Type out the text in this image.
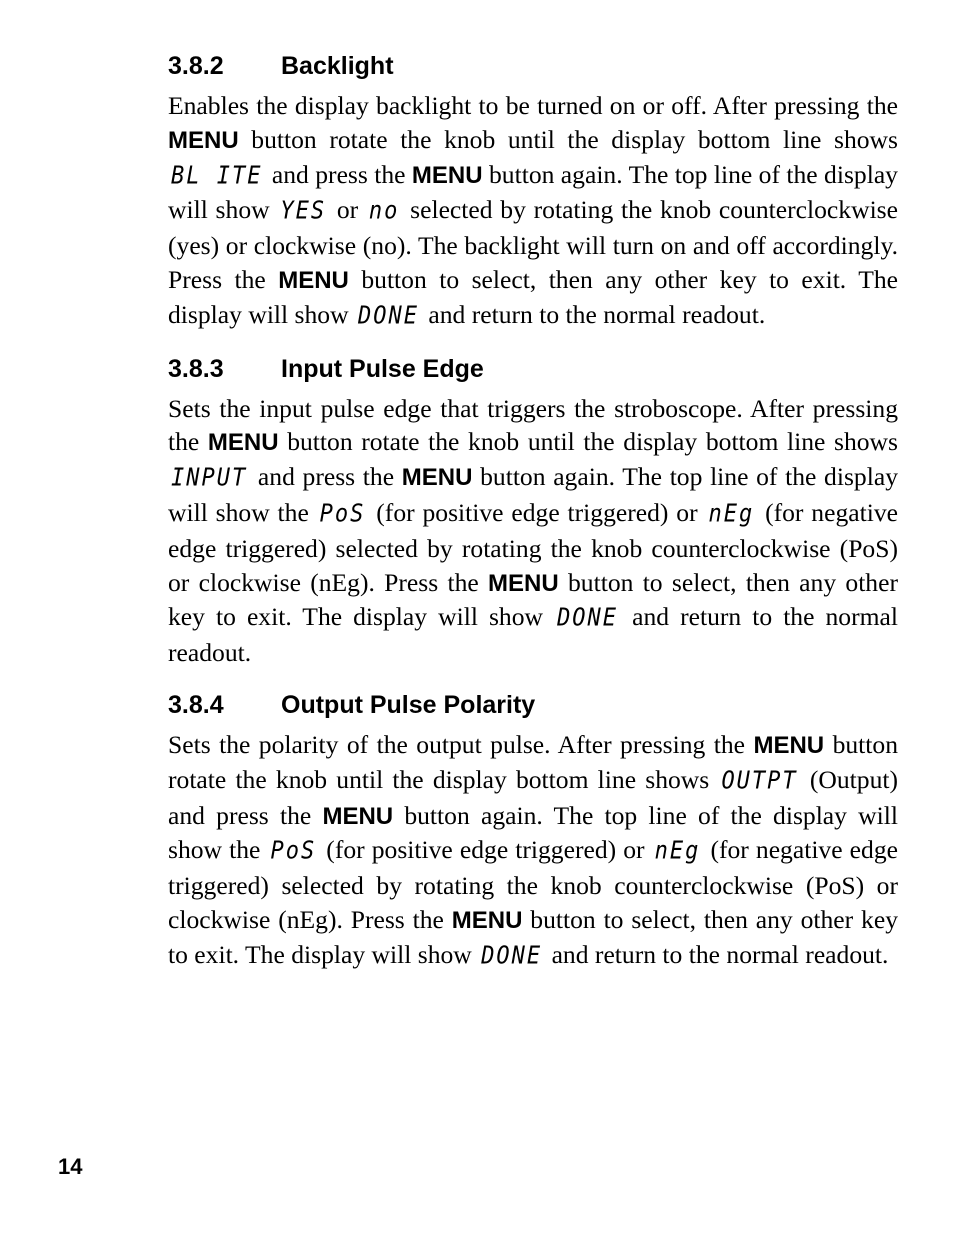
3.8.2	Backlight

Enables the display backlight to be turned on or off. After pressing the MENU button rotate the knob until the display bottom line shows BL ITE and press the MENU button again. The top line of the display will show YES or no selected by rotating the knob counterclockwise (yes) or clockwise (no). The backlight will turn on and off accordingly. Press the MENU button to select, then any other key to exit. The display will show DONE and return to the normal readout.

3.8.3	Input Pulse Edge

Sets the input pulse edge that triggers the stroboscope. After pressing the MENU button rotate the knob until the display bottom line shows INPUT and press the MENU button again. The top line of the display will show the PoS (for positive edge triggered) or nEg (for negative edge triggered) selected by rotating the knob counterclockwise (PoS) or clockwise (nEg). Press the MENU button to select, then any other key to exit. The display will show DONE and return to the normal readout.

3.8.4	Output Pulse Polarity

Sets the polarity of the output pulse. After pressing the MENU button rotate the knob until the display bottom line shows OUTPT (Output) and press the MENU button again. The top line of the display will show the PoS (for positive edge triggered) or nEg (for negative edge triggered) selected by rotating the knob counterclockwise (PoS) or clockwise (nEg). Press the MENU button to select, then any other key to exit. The display will show DONE and return to the normal readout.

14
